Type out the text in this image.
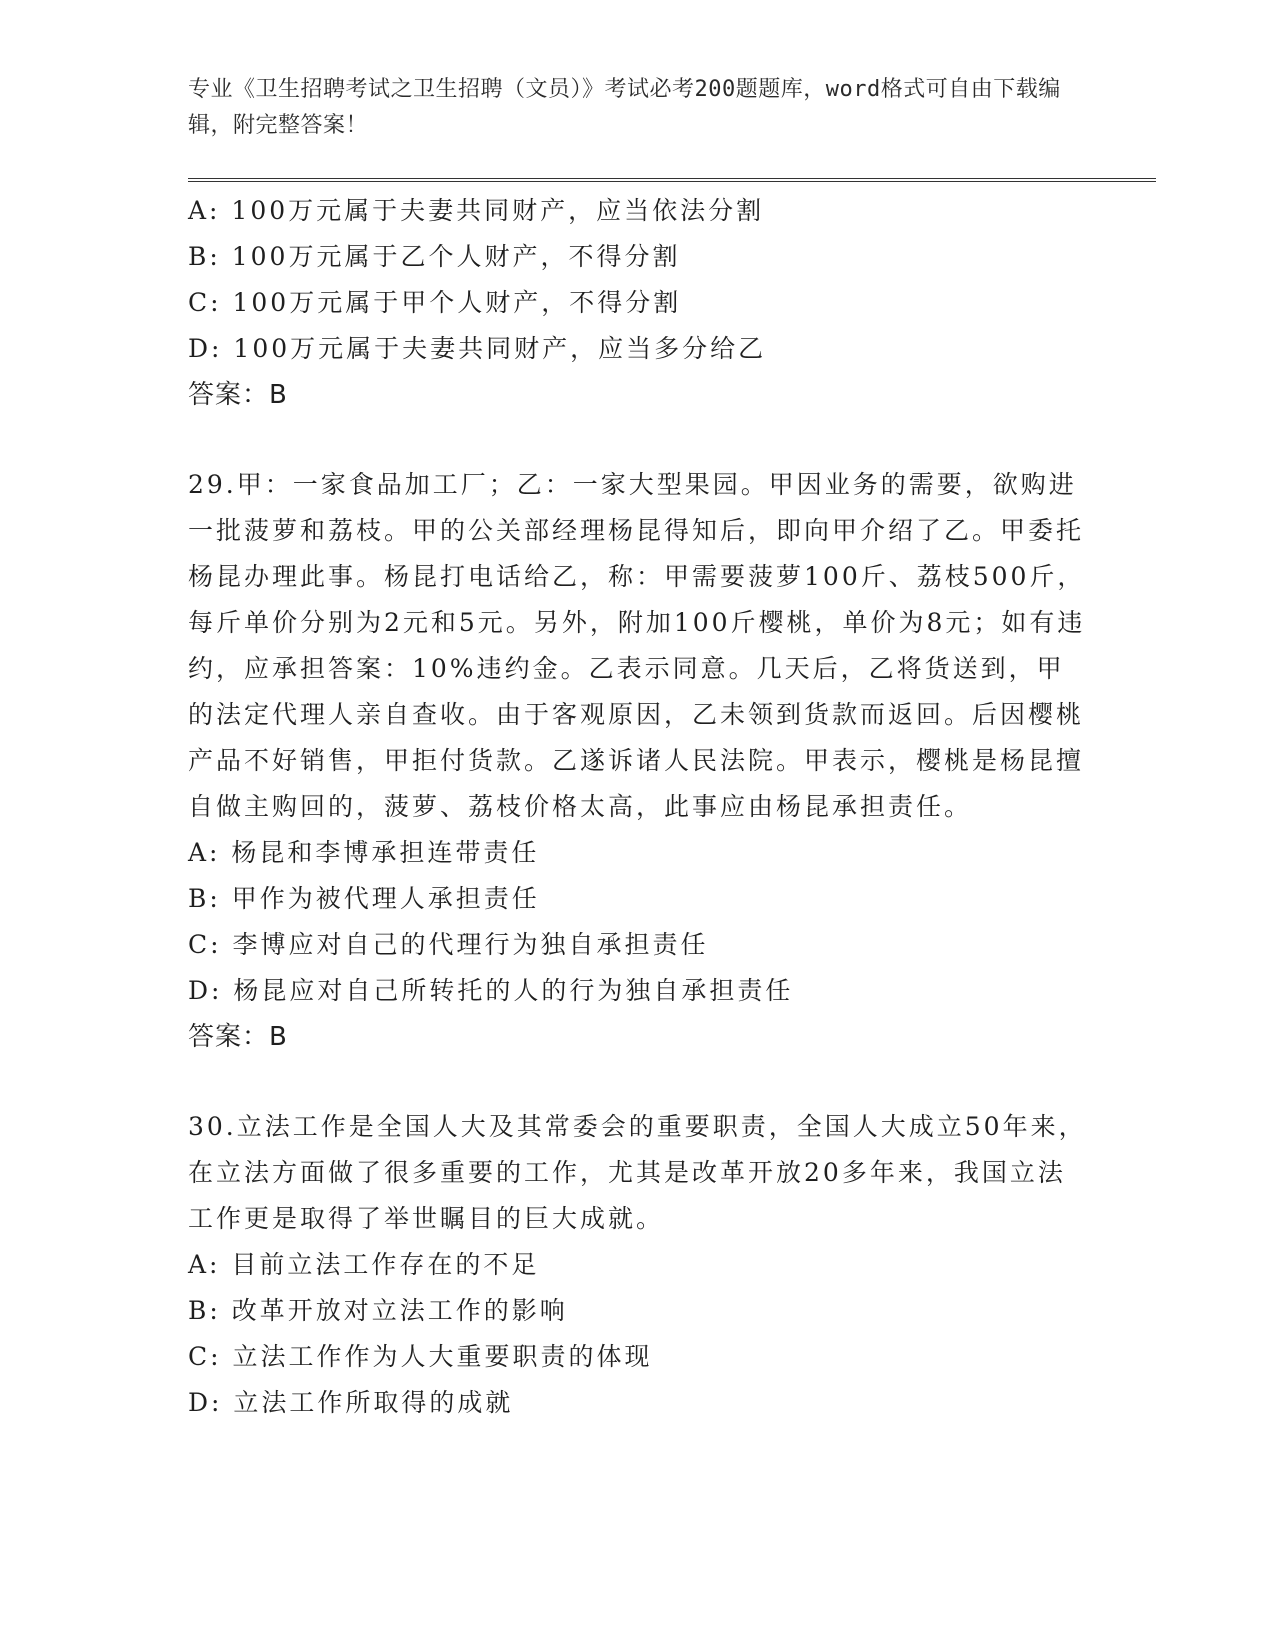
专业《卫生招聘考试之卫生招聘（文员）》考试必考200题题库，word格式可自由下载编辑，附完整答案！

A: 100万元属于夫妻共同财产，应当依法分割

B: 100万元属于乙个人财产，不得分割

C: 100万元属于甲个人财产，不得分割

D: 100万元属于夫妻共同财产，应当多分给乙

答案：B

29.甲：一家食品加工厂；乙：一家大型果园。甲因业务的需要，欲购进一批菠萝和荔枝。甲的公关部经理杨昆得知后，即向甲介绍了乙。甲委托杨昆办理此事。杨昆打电话给乙，称：甲需要菠萝100斤、荔枝500斤，每斤单价分别为2元和5元。另外，附加100斤樱桃，单价为8元；如有违约，应承担答案：10%违约金。乙表示同意。几天后，乙将货送到，甲的法定代理人亲自查收。由于客观原因，乙未领到货款而返回。后因樱桃产品不好销售，甲拒付货款。乙遂诉诸人民法院。甲表示，樱桃是杨昆擅自做主购回的，菠萝、荔枝价格太高，此事应由杨昆承担责任。

A: 杨昆和李博承担连带责任

B: 甲作为被代理人承担责任

C: 李博应对自己的代理行为独自承担责任

D: 杨昆应对自己所转托的人的行为独自承担责任

答案：B

30.立法工作是全国人大及其常委会的重要职责，全国人大成立50年来，在立法方面做了很多重要的工作，尤其是改革开放20多年来，我国立法工作更是取得了举世瞩目的巨大成就。

A: 目前立法工作存在的不足

B: 改革开放对立法工作的影响

C: 立法工作作为人大重要职责的体现

D: 立法工作所取得的成就
